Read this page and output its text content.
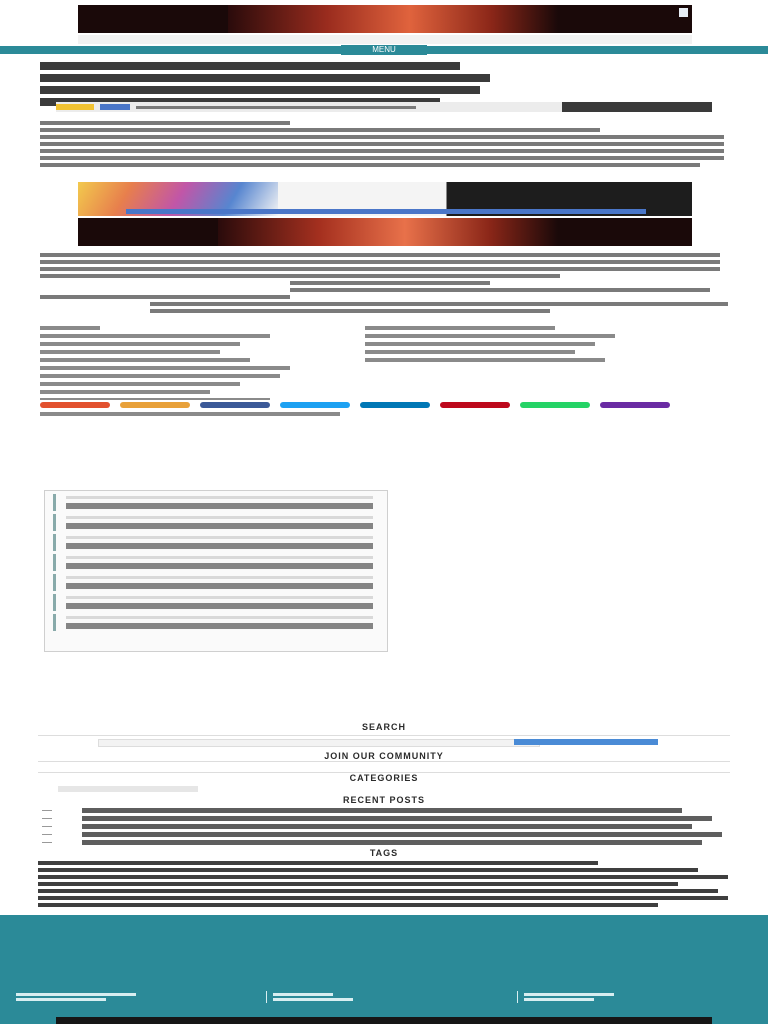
MENU
SEARCH
JOIN OUR COMMUNITY
CATEGORIES
RECENT POSTS
TAGS
